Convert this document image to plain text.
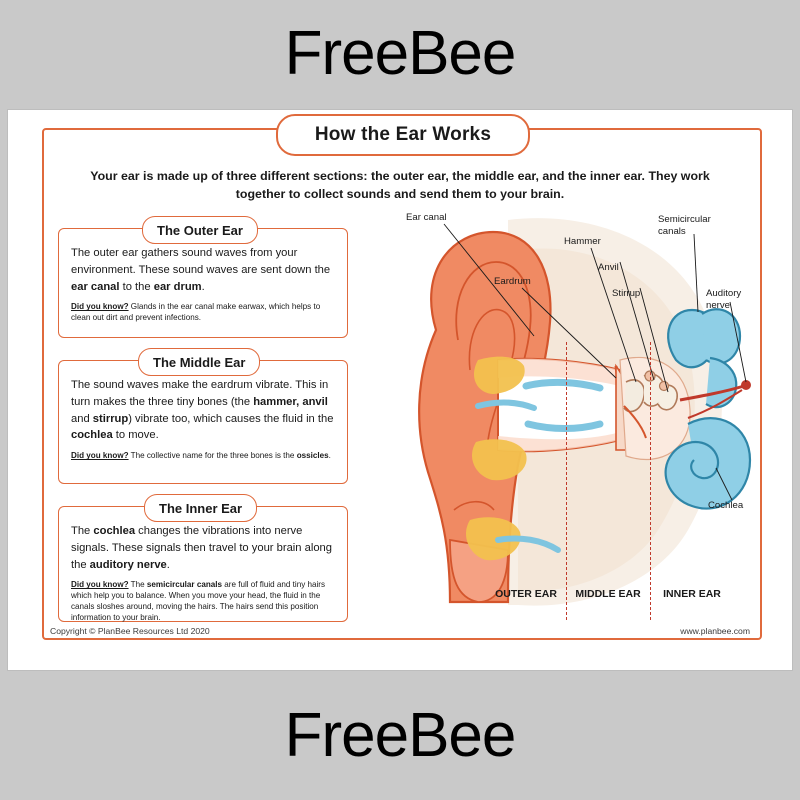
FreeBee
FreeBee
How the Ear Works
Your ear is made up of three different sections: the outer ear, the middle ear, and the inner ear. They work together to collect sounds and send them to your brain.
The outer ear gathers sound waves from your environment. These sound waves are sent down the ear canal to the ear drum.
Did you know? Glands in the ear canal make earwax, which helps to clean out dirt and prevent infections.
The Outer Ear
The sound waves make the eardrum vibrate. This in turn makes the three tiny bones (the hammer, anvil and stirrup) vibrate too, which causes the fluid in the cochlea to move.
Did you know? The collective name for the three bones is the ossicles.
The Middle Ear
The cochlea changes the vibrations into nerve signals. These signals then travel to your brain along the auditory nerve.
Did you know? The semicircular canals are full of fluid and tiny hairs which help you to balance. When you move your head, the fluid in the canals sloshes around, moving the hairs. The hairs send this position information to your brain.
The Inner Ear
OUTER EAR	MIDDLE EAR	INNER EAR
Ear canal
Eardrum
Hammer
Anvil
Stirrup
Semicircular canals
Auditory nerve
Cochlea
Copyright © PlanBee Resources Ltd 2020	www.planbee.com
